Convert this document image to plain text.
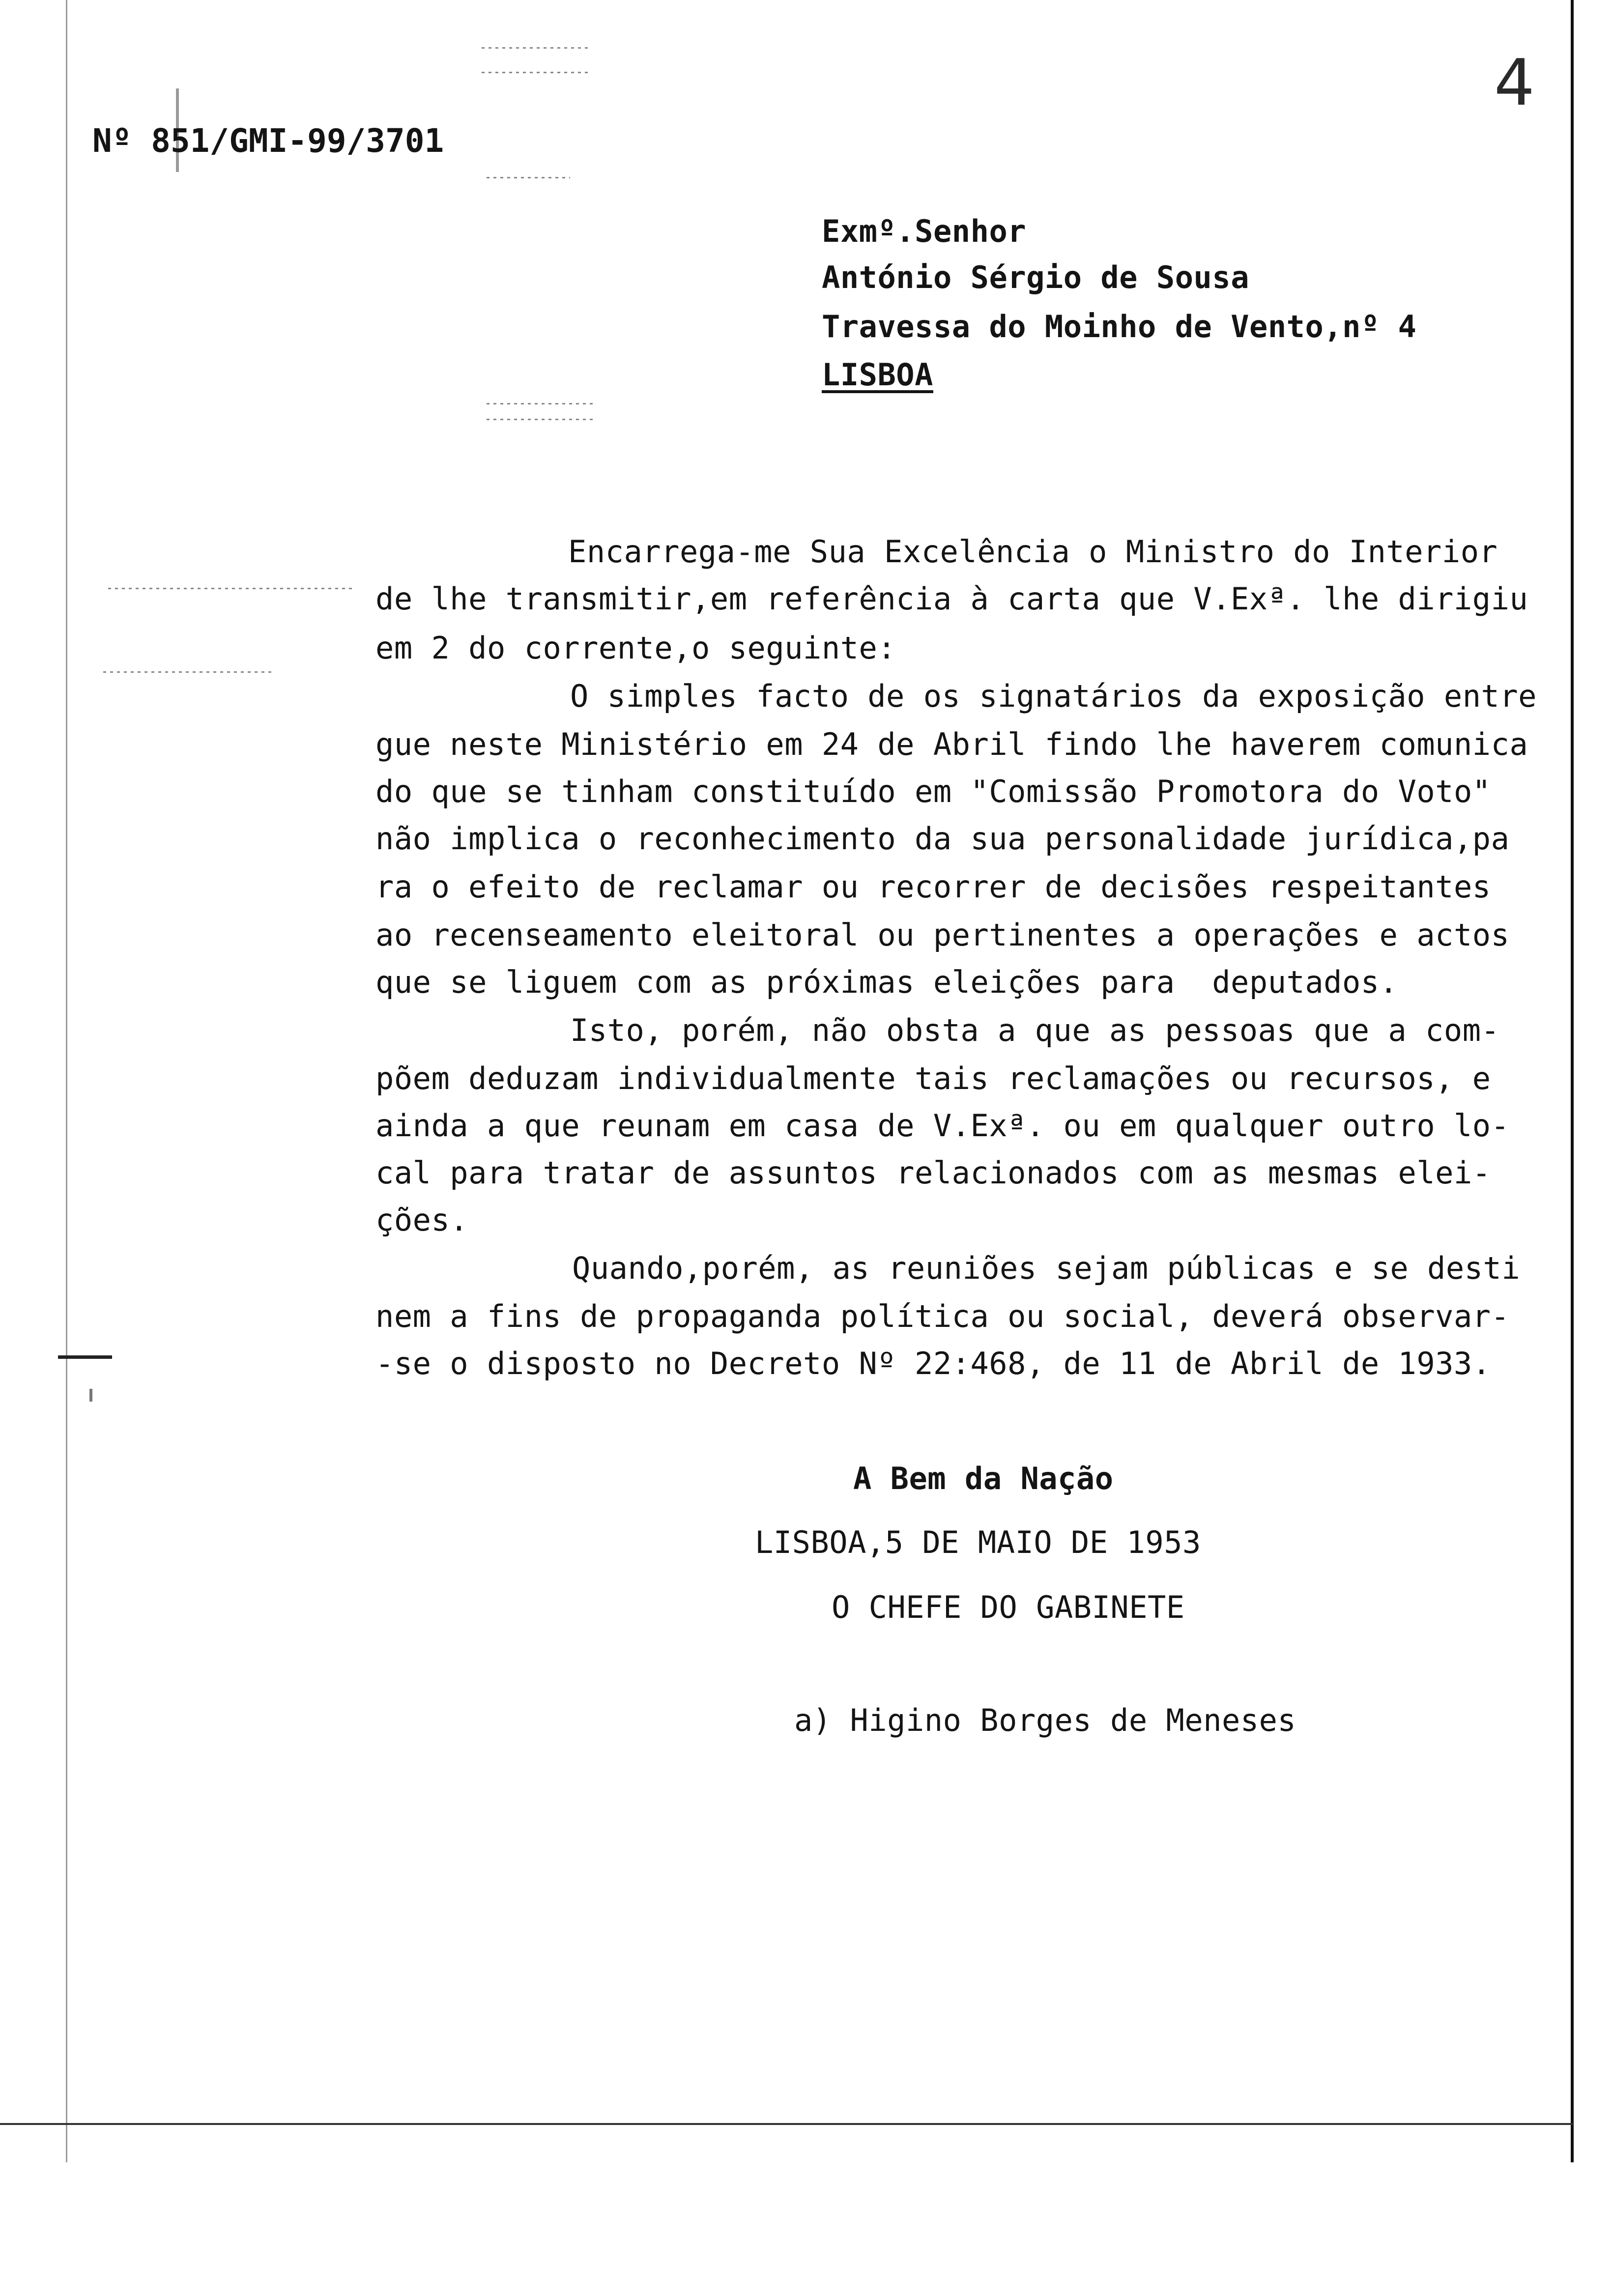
4
Nº 851/GMI-99/3701
Exmº.Senhor
António Sérgio de Sousa
Travessa do Moinho de Vento,nº 4
LISBOA
Encarrega-me Sua Excelência o Ministro do Interior
de lhe transmitir,em referência à carta que V.Exª. lhe dirigiu
em 2 do corrente,o seguinte:
O simples facto de os signatários da exposição entre
gue neste Ministério em 24 de Abril findo lhe haverem comunica
do que se tinham constituído em "Comissão Promotora do Voto"
não implica o reconhecimento da sua personalidade jurídica,pa
ra o efeito de reclamar ou recorrer de decisões respeitantes
ao recenseamento eleitoral ou pertinentes a operações e actos
que se liguem com as próximas eleições para  deputados.
Isto, porém, não obsta a que as pessoas que a com-
põem deduzam individualmente tais reclamações ou recursos, e
ainda a que reunam em casa de V.Exª. ou em qualquer outro lo-
cal para tratar de assuntos relacionados com as mesmas elei-
ções.
Quando,porém, as reuniões sejam públicas e se desti
nem a fins de propaganda política ou social, deverá observar-
-se o disposto no Decreto Nº 22:468, de 11 de Abril de 1933.
A Bem da Nação
LISBOA,5 DE MAIO DE 1953
O CHEFE DO GABINETE
a) Higino Borges de Meneses
